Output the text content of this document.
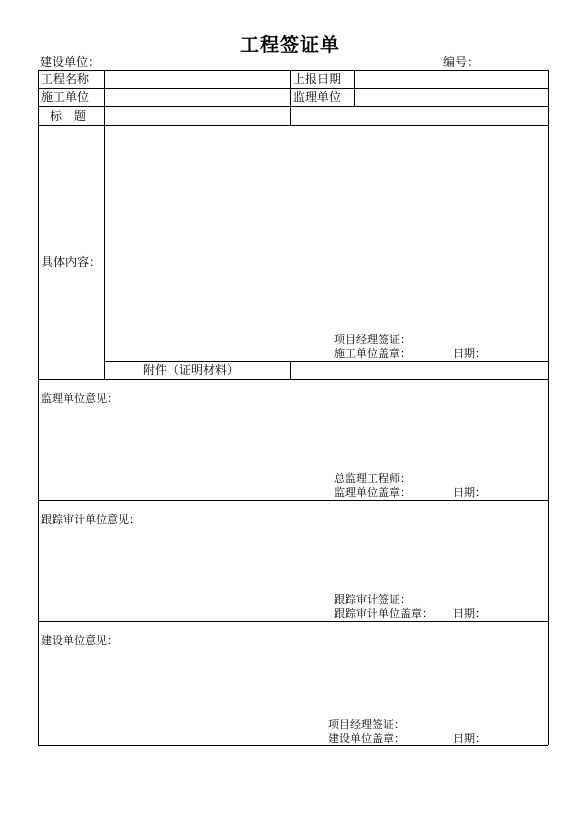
工程签证单
建设单位：	编号：
工程名称	上报日期
施工单位	监理单位
标　题
具体内容：
项目经理签证：
施工单位盖章：	日期：
附件（证明材料）
监理单位意见：
总监理工程师：
监理单位盖章：	日期：
跟踪审计单位意见：
跟踪审计签证：
跟踪审计单位盖章： 日期：
建设单位意见：
项目经理签证：
建设单位盖章：	日期：
